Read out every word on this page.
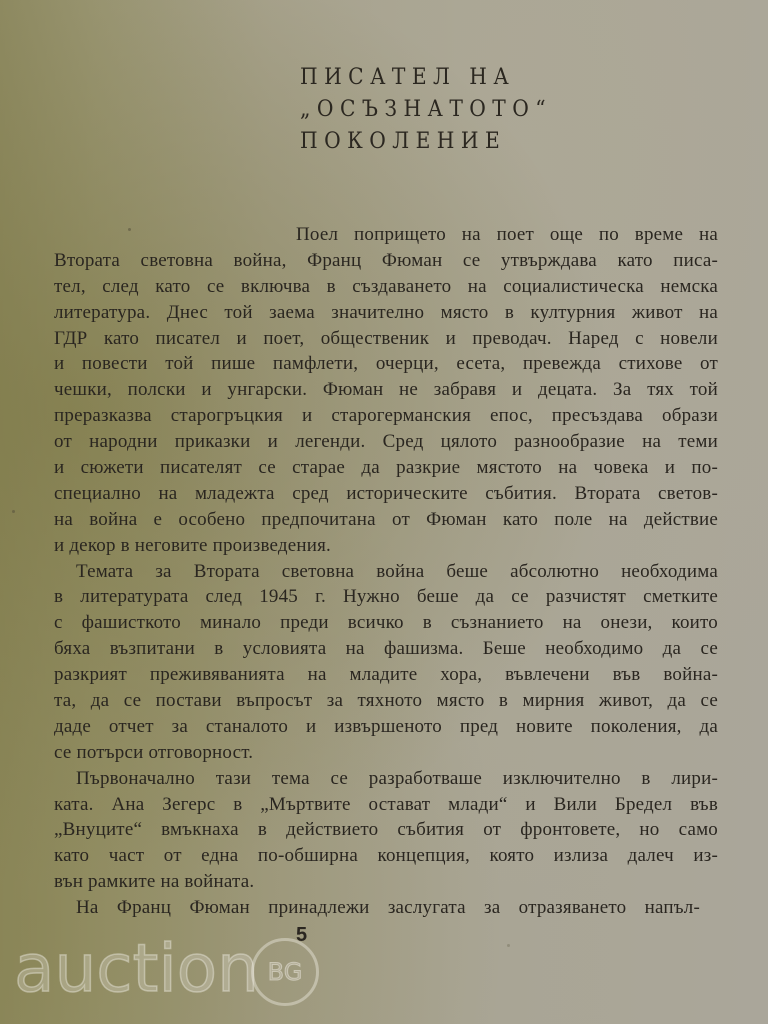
ПИСАТЕЛ НА
„ОСЪЗНАТОТО“
ПОКОЛЕНИЕ
Поел попрището на поет още по време на
Втората световна война, Франц Фюман се утвърждава като писа-
тел, след като се включва в създаването на социалистическа немска
литература. Днес той заема значително място в културния живот на
ГДР като писател и поет, общественик и преводач. Наред с новели
и повести той пише памфлети, очерци, есета, превежда стихове от
чешки, полски и унгарски. Фюман не забравя и децата. За тях той
преразказва старогръцкия и старогерманския епос, пресъздава образи
от народни приказки и легенди. Сред цялото разнообразие на теми
и сюжети писателят се старае да разкрие мястото на човека и по-
специално на младежта сред историческите събития. Втората светов-
на война е особено предпочитана от Фюман като поле на действие
и декор в неговите произведения.
Темата за Втората световна война беше абсолютно необходима
в литературата след 1945 г. Нужно беше да се разчистят сметките
с фашисткото минало преди всичко в съзнанието на онези, които
бяха възпитани в условията на фашизма. Беше необходимо да се
разкрият преживяванията на младите хора, въвлечени във война-
та, да се постави въпросът за тяхното място в мирния живот, да се
даде отчет за станалото и извършеното пред новите поколения, да
се потърси отговорност.
Първоначално тази тема се разработваше изключително в лири-
ката. Ана Зегерс в „Мъртвите остават млади“ и Вили Бредел във
„Внуците“ вмъкнаха в действието събития от фронтовете, но само
като част от една по-обширна концепция, която излиза далеч из-
вън рамките на войната.
На Франц Фюман принадлежи заслугата за отразяването напъл-
5
auction BG
